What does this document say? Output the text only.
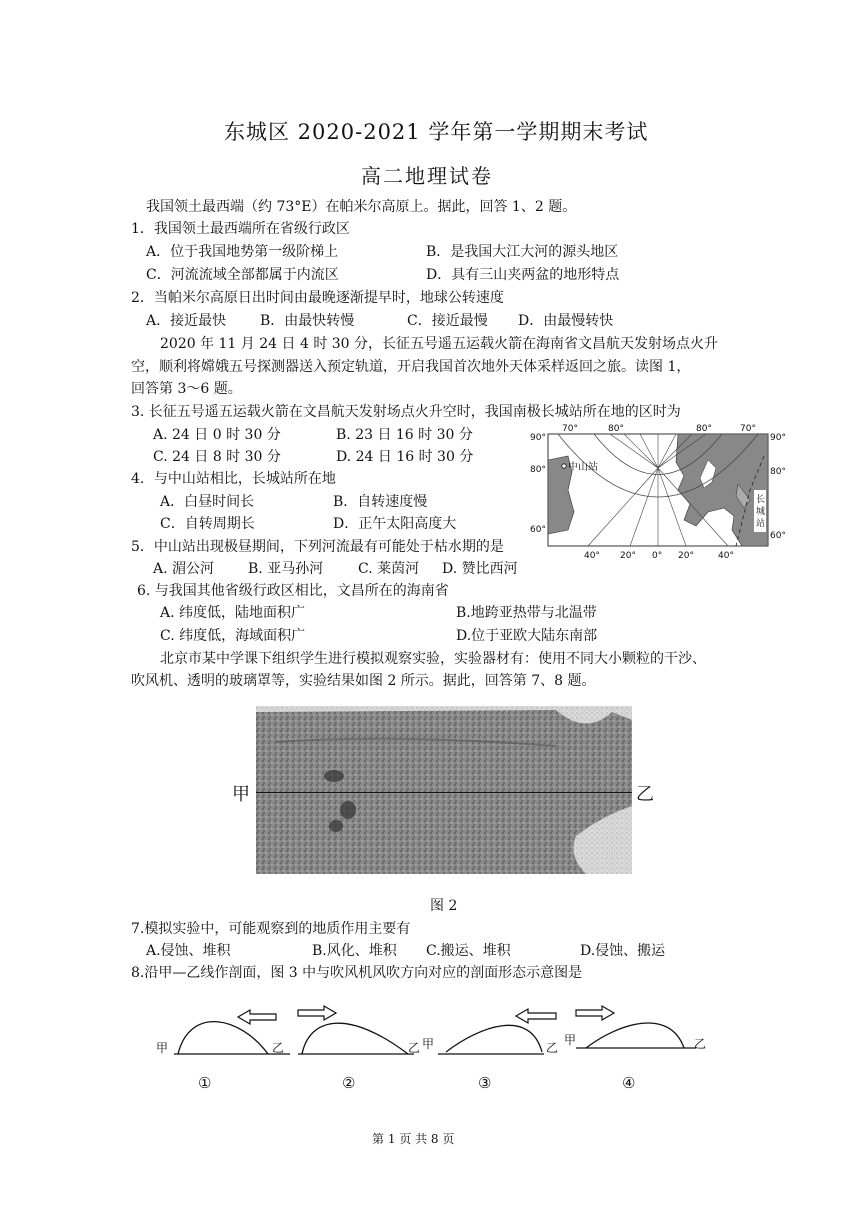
东城区 2020-2021 学年第一学期期末考试
高二地理试卷
我国领土最西端（约 73°E）在帕米尔高原上。据此，回答 1、2 题。
1．我国领土最西端所在省级行政区
A．位于我国地势第一级阶梯上	B．是我国大江大河的源头地区
C．河流流域全部都属于内流区	D．具有三山夹两盆的地形特点
2．当帕米尔高原日出时间由最晚逐渐提早时，地球公转速度
A．接近最快 B．由最快转慢	C．接近最慢 D．由最慢转快
2020 年 11 月 24 日 4 时 30 分，长征五号遥五运载火箭在海南省文昌航天发射场点火升
空，顺利将嫦娥五号探测器送入预定轨道，开启我国首次地外天体采样返回之旅。读图 1，
回答第 3～6 题。
3. 长征五号遥五运载火箭在文昌航天发射场点火升空时，我国南极长城站所在地的区时为
A. 24 日 0 时 30 分	B. 23 日 16 时 30 分
C. 24 日 8 时 30 分	D. 24 日 16 时 30 分
4．与中山站相比，长城站所在地
A．白昼时间长	B．自转速度慢
C．自转周期长	D．正午太阳高度大
5．中山站出现极昼期间，下列河流最有可能处于枯水期的是
A. 湄公河 B. 亚马孙河 C. 莱茵河 D. 赞比西河
中山站
长
城
站
70°	80°	80°	70°
90°
80°
60°
90°
80°
60°
40° 20° 0° 20°	40°
6. 与我国其他省级行政区相比，文昌所在的海南省
A. 纬度低，陆地面积广	B.地跨亚热带与北温带
C. 纬度低，海域面积广	D.位于亚欧大陆东南部
北京市某中学课下组织学生进行模拟观察实验，实验器材有：使用不同大小颗粒的干沙、
吹风机、透明的玻璃罩等，实验结果如图 2 所示。据此，回答第 7、8 题。
甲	乙
图 2
7.模拟实验中，可能观察到的地质作用主要有
A.侵蚀、堆积	B.风化、堆积 C.搬运、堆积	D.侵蚀、搬运
8.沿甲—乙线作剖面，图 3 中与吹风机风吹方向对应的剖面形态示意图是
甲	乙	乙 甲	乙
甲	乙
①	②	③	④
第 1 页 共 8 页
